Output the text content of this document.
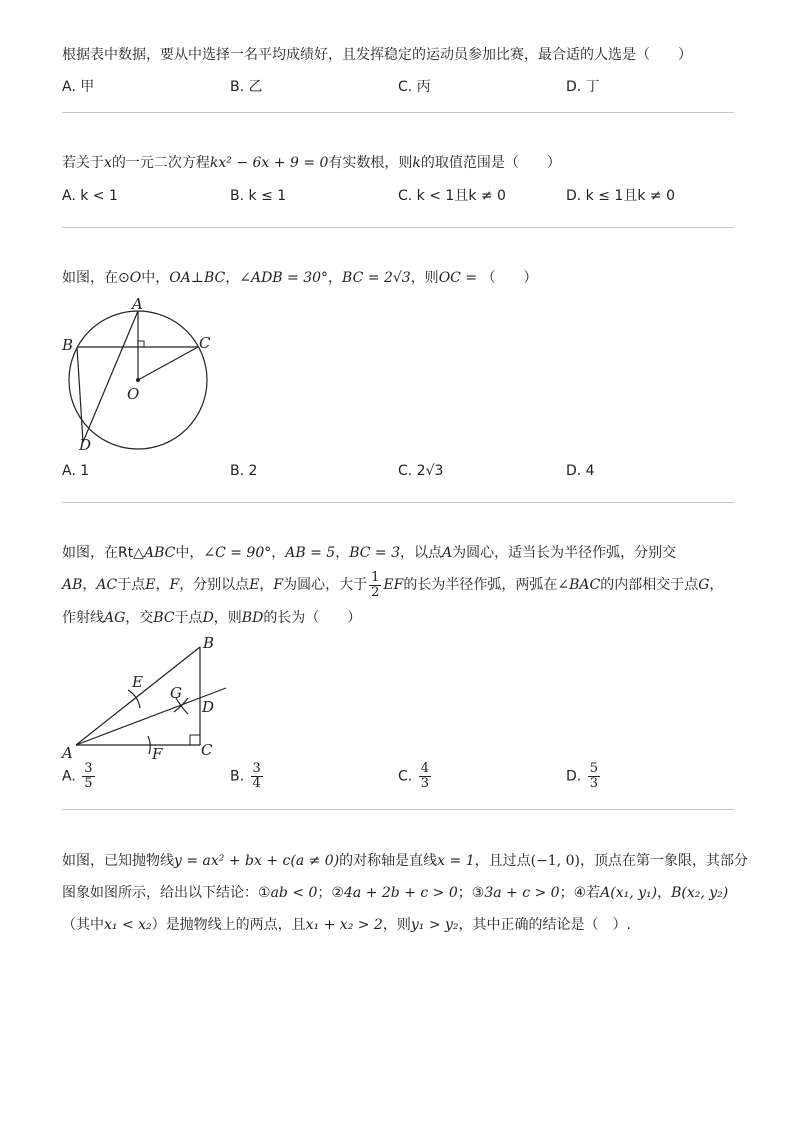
根据表中数据，要从中选择一名平均成绩好，且发挥稳定的运动员参加比赛，最合适的人选是（　　）
A. 甲	B. 乙	C. 丙	D. 丁
若关于x的一元二次方程kx² − 6x + 9 = 0有实数根，则k的取值范围是（　　）
A. k < 1	B. k ≤ 1	C. k < 1且k ≠ 0	D. k ≤ 1且k ≠ 0
如图，在⊙O中，OA⊥BC，∠ADB = 30°，BC = 2√3，则OC = （　　）
A
B	C
O
D
A. 1	B. 2	C. 2√3	D. 4
如图，在Rt△ABC中，∠C = 90°，AB = 5，BC = 3，以点A为圆心，适当长为半径作弧，分别交
AB，AC于点E，F，分别以点E，F为圆心，大于 $\frac{1}{2}$ EF的长为半径作弧，两弧在∠BAC的内部相交于点G，
作射线AG，交BC于点D，则BD的长为（　　）
B
E
G
D
A	F	C
A. $\frac{3}{5}$	B. $\frac{3}{4}$	C. $\frac{4}{3}$	D. $\frac{5}{3}$
如图，已知抛物线y = ax² + bx + c(a ≠ 0)的对称轴是直线x = 1，且过点(−1, 0)，顶点在第一象限，其部分
图象如图所示，给出以下结论：①ab < 0；②4a + 2b + c > 0；③3a + c > 0；④若A(x₁, y₁)，B(x₂, y₂)
（其中x₁ < x₂）是抛物线上的两点，且x₁ + x₂ > 2，则y₁ > y₂，其中正确的结论是（　）.
